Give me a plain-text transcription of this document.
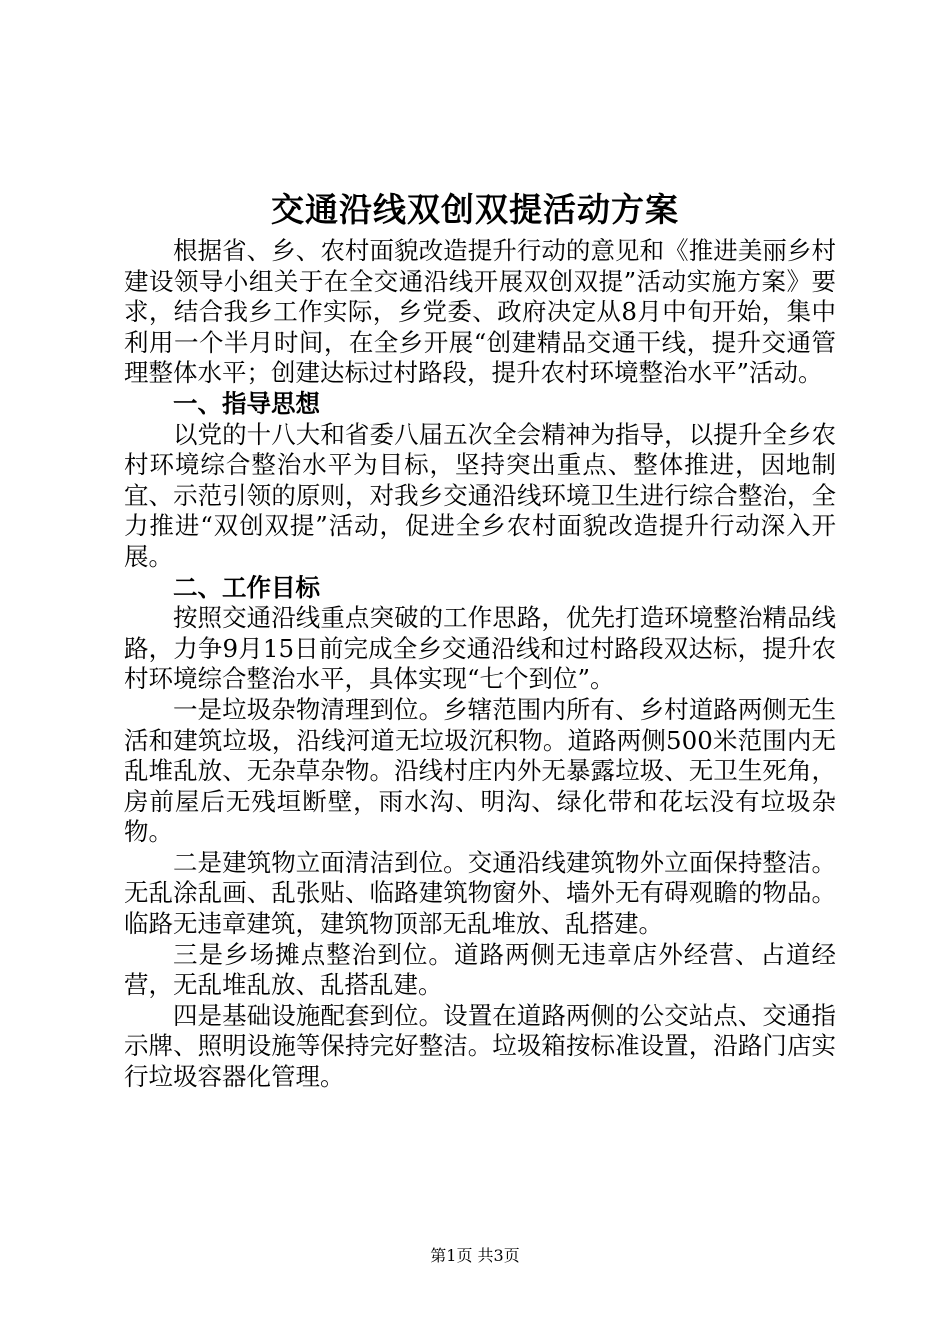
交通沿线双创双提活动方案

根据省、乡、农村面貌改造提升行动的意见和《推进美丽乡村建设领导小组关于在全交通沿线开展双创双提”活动实施方案》要求，结合我乡工作实际，乡党委、政府决定从8月中旬开始，集中利用一个半月时间，在全乡开展“创建精品交通干线，提升交通管理整体水平；创建达标过村路段，提升农村环境整治水平”活动。

一、指导思想

以党的十八大和省委八届五次全会精神为指导，以提升全乡农村环境综合整治水平为目标，坚持突出重点、整体推进，因地制宜、示范引领的原则，对我乡交通沿线环境卫生进行综合整治，全力推进“双创双提”活动，促进全乡农村面貌改造提升行动深入开展。

二、工作目标

按照交通沿线重点突破的工作思路，优先打造环境整治精品线路，力争9月15日前完成全乡交通沿线和过村路段双达标，提升农村环境综合整治水平，具体实现“七个到位”。

一是垃圾杂物清理到位。乡辖范围内所有、乡村道路两侧无生活和建筑垃圾，沿线河道无垃圾沉积物。道路两侧500米范围内无乱堆乱放、无杂草杂物。沿线村庄内外无暴露垃圾、无卫生死角，房前屋后无残垣断壁，雨水沟、明沟、绿化带和花坛没有垃圾杂物。

二是建筑物立面清洁到位。交通沿线建筑物外立面保持整洁。无乱涂乱画、乱张贴、临路建筑物窗外、墙外无有碍观瞻的物品。临路无违章建筑，建筑物顶部无乱堆放、乱搭建。

三是乡场摊点整治到位。道路两侧无违章店外经营、占道经营，无乱堆乱放、乱搭乱建。

四是基础设施配套到位。设置在道路两侧的公交站点、交通指示牌、照明设施等保持完好整洁。垃圾箱按标准设置，沿路门店实行垃圾容器化管理。

第1页 共3页
